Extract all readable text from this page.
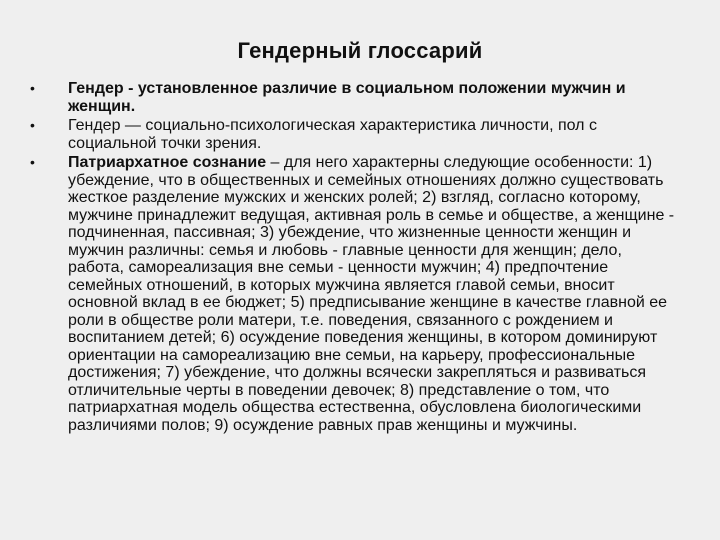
Гендерный глоссарий
•	Гендер - установленное различие в социальном положении мужчин и женщин.
•	Гендер — социально-психологическая характеристика личности, пол с социальной точки зрения.
•	Патриархатное сознание – для него характерны следующие особенности: 1) убеждение, что в общественных и семейных отношениях должно существовать жесткое разделение мужских и женских ролей; 2) взгляд, согласно которому, мужчине принадлежит ведущая, активная роль в семье и обществе, а женщине - подчиненная, пассивная; 3) убеждение, что жизненные ценности женщин и мужчин различны: семья и любовь - главные ценности для женщин; дело, работа, самореализация вне семьи - ценности мужчин; 4) предпочтение семейных отношений, в которых мужчина является главой семьи, вносит основной вклад в ее бюджет; 5) предписывание женщине в качестве главной ее роли в обществе роли матери, т.е. поведения, связанного с рождением и воспитанием детей; 6) осуждение поведения женщины, в котором доминируют ориентации на самореализацию вне семьи, на карьеру, профессиональные достижения; 7) убеждение, что должны всячески закрепляться и развиваться отличительные черты в поведении девочек; 8) представление о том, что патриархатная модель общества естественна, обусловлена биологическими различиями полов; 9) осуждение равных прав женщины и мужчины.
